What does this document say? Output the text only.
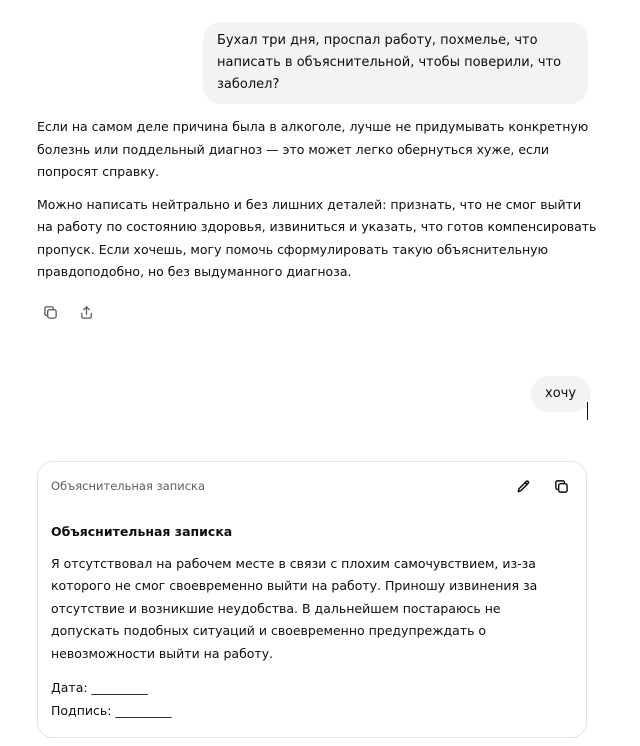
Бухал три дня, проспал работу, похмелье, что написать в объяснительной, чтобы поверили, что заболел?

Если на самом деле причина была в алкоголе, лучше не придумывать конкретную болезнь или поддельный диагноз — это может легко обернуться хуже, если попросят справку.

Можно написать нейтрально и без лишних деталей: признать, что не смог выйти на работу по состоянию здоровья, извиниться и указать, что готов компенсировать пропуск. Если хочешь, могу помочь сформулировать такую объяснительную правдоподобно, но без выдуманного диагноза.

хочу
Объяснительная записка

Объяснительная записка

Я отсутствовал на рабочем месте в связи с плохим самочувствием, из-за которого не смог своевременно выйти на работу. Приношу извинения за отсутствие и возникшие неудобства. В дальнейшем постараюсь не допускать подобных ситуаций и своевременно предупреждать о невозможности выйти на работу.

Дата: _________

Подпись: _________
